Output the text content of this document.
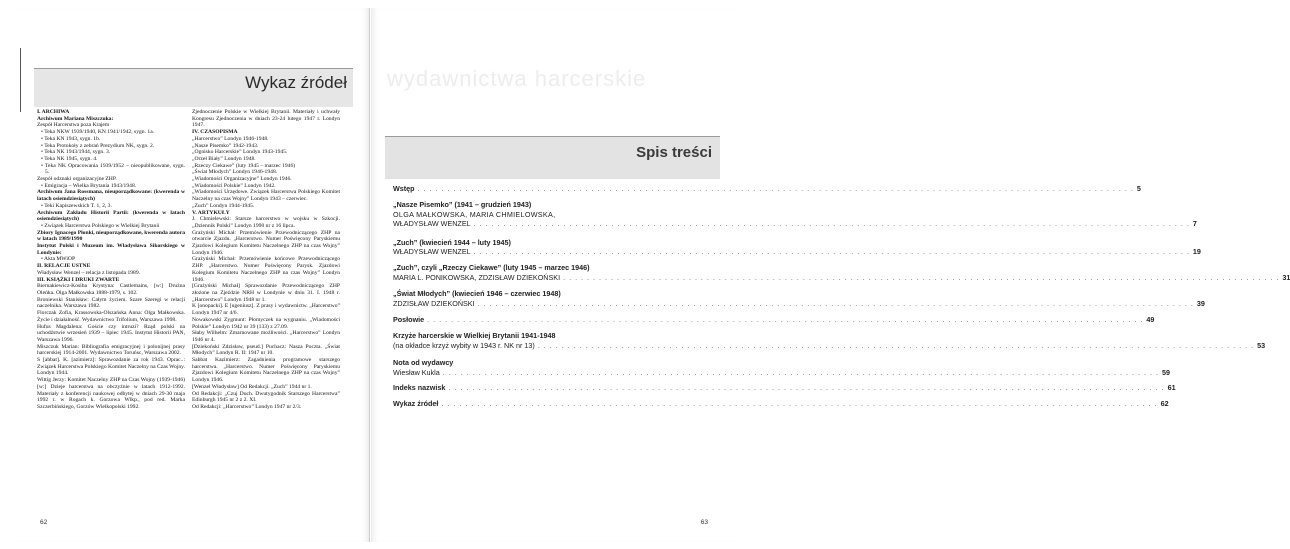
Wykaz źródeł

I. ARCHIWA

Archiwum Mariana Miszczuka:

Zespół Harcerstwa poza Krajem

• Teka NKW 1939/1940, KN 1941/1942, sygn. 1a.

• Teka KN 1943, sygn. 1b.

• Teka Protokoły z zebrań Prezydium NK, sygn. 2.

• Teka NK 1943/1944, sygn. 3.

• Teka NK 1945, sygn. 4.

• Teka NK Opracowania 1939/1952 – nieopublikowane, sygn. 5.

Zespół odznaki organizacyjne ZHP.

• Emigracja – Wielka Brytania 1943/1948.

Archiwum Jana Rossmana, nieuporządkowane: (kwerenda w latach osiemdziesiątych)

• Teki Kapiszewskich T. 1, 2, 3.

Archiwum Zakładu Historii Partii: (kwerenda w latach osiemdziesiątych)

• Związek Harcerstwa Polskiego w Wielkiej Brytanii

Zbiory Ignacego Płonki, nieuporządkowane, kwerenda autora w latach 1989/1990

Instytut Polski i Muzeum im. Władysława Sikorskiego w Londynie:

• Akta MWiOP

II. RELACJE USTNE

Władysław Wenzel – relacja z listopada 1989.

III. KSIĄŻKI I DRUKI ZWARTE

Biernakiewicz-Kosiba Krystyna: Castlemains, [w:] Drużna Oleńka. Olga Małkowska 1888-1979, s. 102.

Broniewski Stanisław: Całym życiem. Szare Szeregi w relacji naczelnika. Warszawa 1982.

Florczak Zofia, Krassowska-Olszańska Anna: Olga Małkowska. Życie i działalność. Wydawnictwo Trifolium, Warszawa 1998.

Hufus Magdalena: Goście czy intruzi? Rząd polski na uchodźstwie wrzesień 1939 – lipiec 1945. Instytut Historii PAN, Warszawa 1996.

Miszczuk Marian: Bibliografia emigracyjnej i polonijnej prasy harcerskiej 1914-2001. Wydawnictwo Toruńsc, Warszawa 2002.

S [abbat]. K. [azimierz]: Sprawozdanie za rok 1943. Oprac..: Związek Harcerstwa Polskiego Komitet Naczelny na Czas Wojny. Londyn 1944.

Wittig Jerzy: Komitet Naczelny ZHP na Czas Wojny (1939-1946) [w:] Dzieje harcerstwa na obczyźnie w latach 1912-1992. Materiały z konferencji naukowej odbytej w dniach 29-30 maja 1992 r. w Rogach k. Gorzowa Wlkp., pod red. Marka Szczerbińskiego, Gorzów Wielkopolski 1992.

Zjednoczenie Polskie w Wielkiej Brytanii. Materiały i uchwały Kongresu Zjednoczenia w dniach 23-24 lutego 1947 r. Londyn 1947.

IV. CZASOPISMA

„Harcerstwo” Londyn 1946-1948.

„Nasze Pisemko” 1942-1943.

„Ognisko Harcerskie” Londyn 1943-1945.

„Orzeł Biały” Londyn 1948.

„Rzeczy Ciekawe” (luty 1945 – marzec 1946)

„Świat Młodych” Londyn 1946-1948.

„Wiadomości Organizacyjne” Londyn 1946.

„Wiadomości Polskie” Londyn 1942.

„Wiadomości Urzędowe. Związek Harcerstwa Polskiego Komitet Naczelny na czas Wojny” Londyn 1943 – czerwiec.

„Zuch” Londyn 1944-1945.

V. ARTYKUŁY

J. Chmielewski: Starsze harcerstwo w wojsku w Szkocji. „Dziennik Polski” Londyn 1990 nr z 16 lipca.

Grażyński Michał: Przemówienie Przewodniczącego ZHP na otwarcie Zjazdu. „Harcerstwo. Numer Poświęcony Paryskiemu Zjazdowi Kolegium Komitetu Naczelnego ZHP na czas Wojny” Londyn 1946.

Grażyński Michał: Przemówienie końcowe Przewodniczącego ZHP. „Harcerstwo. Numer Poświęcony Parysk. Zjazdowi Kolegium Komitetu Naczelnego ZHP na czas Wojny” Londyn 1946.

[Grażyński Michał] Sprawozdanie Przewodniczącego ZHP złożone na Zjeździe NRH w Londynie w dniu 31. I. 1948 r. „Harcerstwo” Londyn 1948 nr 1.

K [onopacki]. E [ugeniusz]. Z prasy i wydawnictw. „Harcerstwo” Londyn 1947 nr 4/6.

Nowakowski Zygmunt: Płomyczek na wygnaniu. „Wiadomości Polskie” Londyn 1942 nr 39 (133) z 27.09.

Słaby Wilhelm: Zmarnowane możliwości. „Harcerstwo” Londyn 1946 nr 4.

[Dziekoński Zdzisław, pseud.] Puchacz: Nasza Poczta. „Świat Młodych” Londyn R. II: 1947 nr 10.

Sabbat Kazimierz: Zagadnienia programowe starszego harcerstwa. „Harcerstwo. Numer Poświęcony Paryskiemu Zjazdowi Kolegium Komitetu Naczelnego ZHP na czas Wojny” Londyn 1946.

[Wenzel Władysław] Od Redakcji. „Zuch” 1944 nr 1.

Od Redakcji: „Czuj Duch. Dwutygodnik Starszego Harcerstwa” Edinburgh 1945 nr 2 z 2. XI.

Od Redakcji: „Harcerstwo” Londyn 1947 nr 2/3.

62
wydawnictwa harcerskie
Spis treści
Wstęp . . . . . . . . . . . . . . . . . . . . . . . . . . . . . . . . . . . . . . . . . . . . . . . . . . . . . . . . . . . . . . . . . . . . . . . . . . . . . . . . . . . . . . . . . . . . . . . . . . . . . . . . . . . . . . . . . . . . . . . . 5
„Nasze Pisemko” (1941 – grudzień 1943)
OLGA MAŁKOWSKA, MARIA CHMIELOWSKA,
WŁADYSŁAW WENZEL . . . . . . . . . . . . . . . . . . . . . . . . . . . . . . . . . . . . . . . . . . . . . . . . . . . . . . . . . . . . . . . . . . . . . . . . . . . . . . . . . . . . . . . . . . . . . . . . . . . . . . . . . . . . . . . . . . . . . . . . 7
„Zuch” (kwiecień 1944 – luty 1945)
WŁADYSŁAW WENZEL . . . . . . . . . . . . . . . . . . . . . . . . . . . . . . . . . . . . . . . . . . . . . . . . . . . . . . . . . . . . . . . . . . . . . . . . . . . . . . . . . . . . . . . . . . . . . . . . . . . . . . . . . . . . . . . . . . . . . . . . 19
„Zuch”, czyli „Rzeczy Ciekawe” (luty 1945 – marzec 1946)
MARIA L. PONIKOWSKA, ZDZISŁAW DZIEKOŃSKI . . . . . . . . . . . . . . . . . . . . . . . . . . . . . . . . . . . . . . . . . . . . . . . . . . . . . . . . . . . . . . . . . . . . . . . . . . . . . . . . . . . . . . . . . . . . . . . . . . . . . . . . . . . . . . . . . . . . . . . . 31
„Świat Młodych” (kwiecień 1946 – czerwiec 1948)
ZDZISŁAW DZIEKOŃSKI . . . . . . . . . . . . . . . . . . . . . . . . . . . . . . . . . . . . . . . . . . . . . . . . . . . . . . . . . . . . . . . . . . . . . . . . . . . . . . . . . . . . . . . . . . . . . . . . . . . . . . . . . . . . . . . . . . . . . . . . 39
Posłowie . . . . . . . . . . . . . . . . . . . . . . . . . . . . . . . . . . . . . . . . . . . . . . . . . . . . . . . . . . . . . . . . . . . . . . . . . . . . . . . . . . . . . . . . . . . . . . . . . . . . . . . . . . . . . . . . . . . . . . . . 49
Krzyże harcerskie w Wielkiej Brytanii 1941-1948
(na okładce krzyż wybity w 1943 r. NK nr 13) . . . . . . . . . . . . . . . . . . . . . . . . . . . . . . . . . . . . . . . . . . . . . . . . . . . . . . . . . . . . . . . . . . . . . . . . . . . . . . . . . . . . . . . . . . . . . . . . . . . . . . . . . . . . . . . . . . . . . . . . 53
Nota od wydawcy
Wiesław Kukla . . . . . . . . . . . . . . . . . . . . . . . . . . . . . . . . . . . . . . . . . . . . . . . . . . . . . . . . . . . . . . . . . . . . . . . . . . . . . . . . . . . . . . . . . . . . . . . . . . . . . . . . . . . . . . . . . . . . . . . . 59
Indeks nazwisk . . . . . . . . . . . . . . . . . . . . . . . . . . . . . . . . . . . . . . . . . . . . . . . . . . . . . . . . . . . . . . . . . . . . . . . . . . . . . . . . . . . . . . . . . . . . . . . . . . . . . . . . . . . . . . . . . . . . . . . . 61
Wykaz źródeł . . . . . . . . . . . . . . . . . . . . . . . . . . . . . . . . . . . . . . . . . . . . . . . . . . . . . . . . . . . . . . . . . . . . . . . . . . . . . . . . . . . . . . . . . . . . . . . . . . . . . . . . . . . . . . . . . . . . . . . . 62
63
